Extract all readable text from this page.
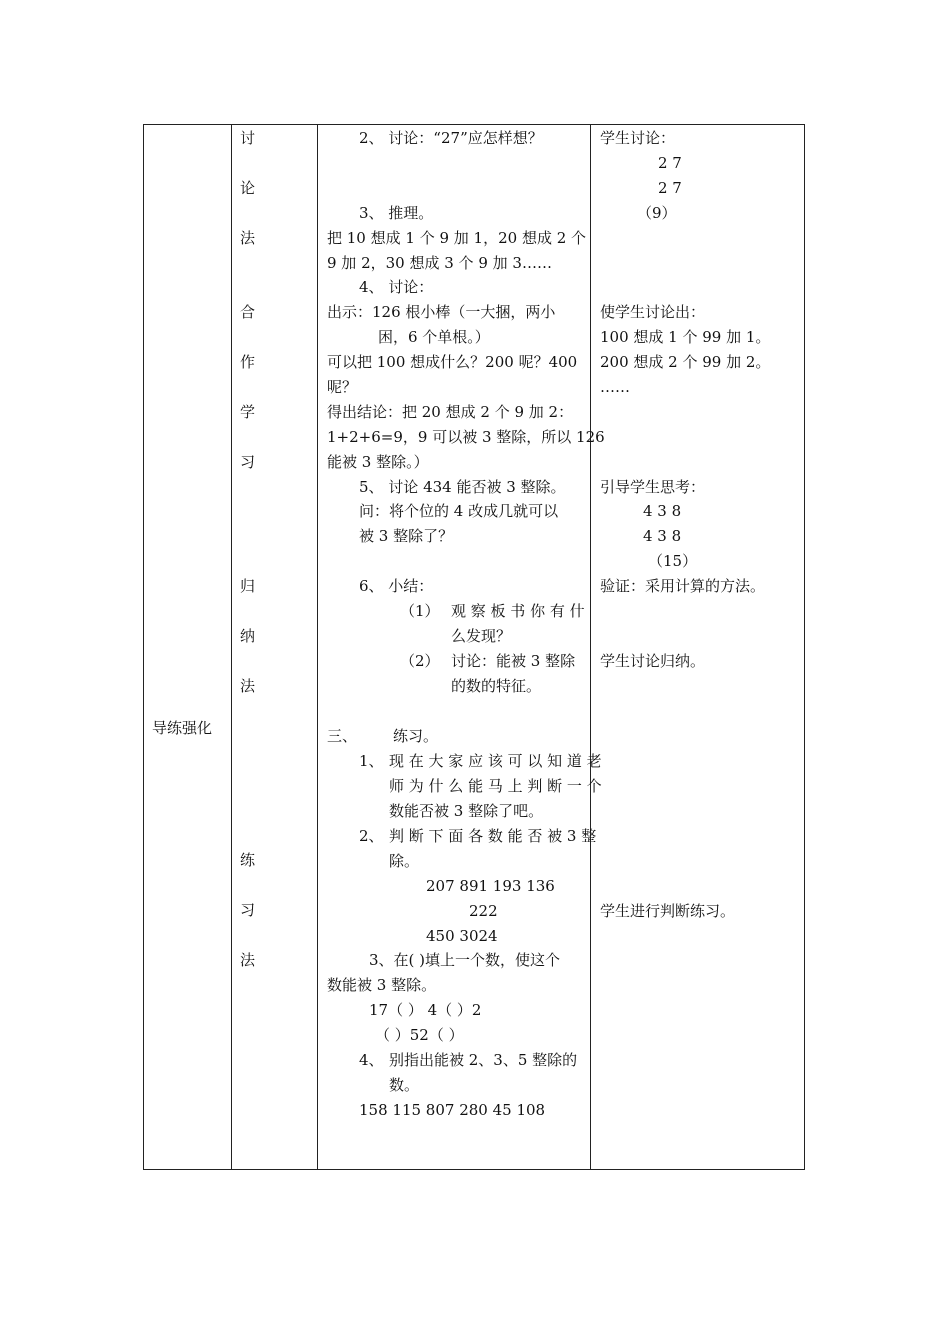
导练强化
讨
论
法
合
作
学
习
归
纳
法
练
习
法
2、 讨论：“27”应怎样想？
3、 推理。
把 10 想成 1 个 9 加 1，20 想成 2 个
9 加 2，30 想成 3 个 9 加 3……
4、 讨论：
出示：126 根小棒（一大捆，两小
困，6 个单根。）
可以把 100 想成什么？200 呢？400
呢？
得出结论：把 20 想成 2 个 9 加 2：
1+2+6=9，9 可以被 3 整除，所以 126
能被 3 整除。）
5、 讨论 434 能否被 3 整除。
问：将个位的 4 改成几就可以
被 3 整除了？
6、 小结：
（1） 观 察 板 书 你 有 什
么发现？
（2） 讨论：能被 3 整除
的数的特征。
三、 练习。
1、 现 在 大 家 应 该 可 以 知 道 老
师 为 什 么 能 马 上 判 断 一 个
数能否被 3 整除了吧。
2、 判 断 下 面 各 数 能 否 被 3 整
除。
207 891 193 136
222
450 3024
3、在( )填上一个数，使这个
数能被 3 整除。
17（ ） 4（ ）2
（ ）52（ ）
4、 别指出能被 2、3、5 整除的
数。
158 115 807 280 45 108
学生讨论：
2 7
2 7
（9）
使学生讨论出：
100 想成 1 个 99 加 1。
200 想成 2 个 99 加 2。
……
引导学生思考：
4 3 8
4 3 8
（15）
验证：采用计算的方法。
学生讨论归纳。
学生进行判断练习。
